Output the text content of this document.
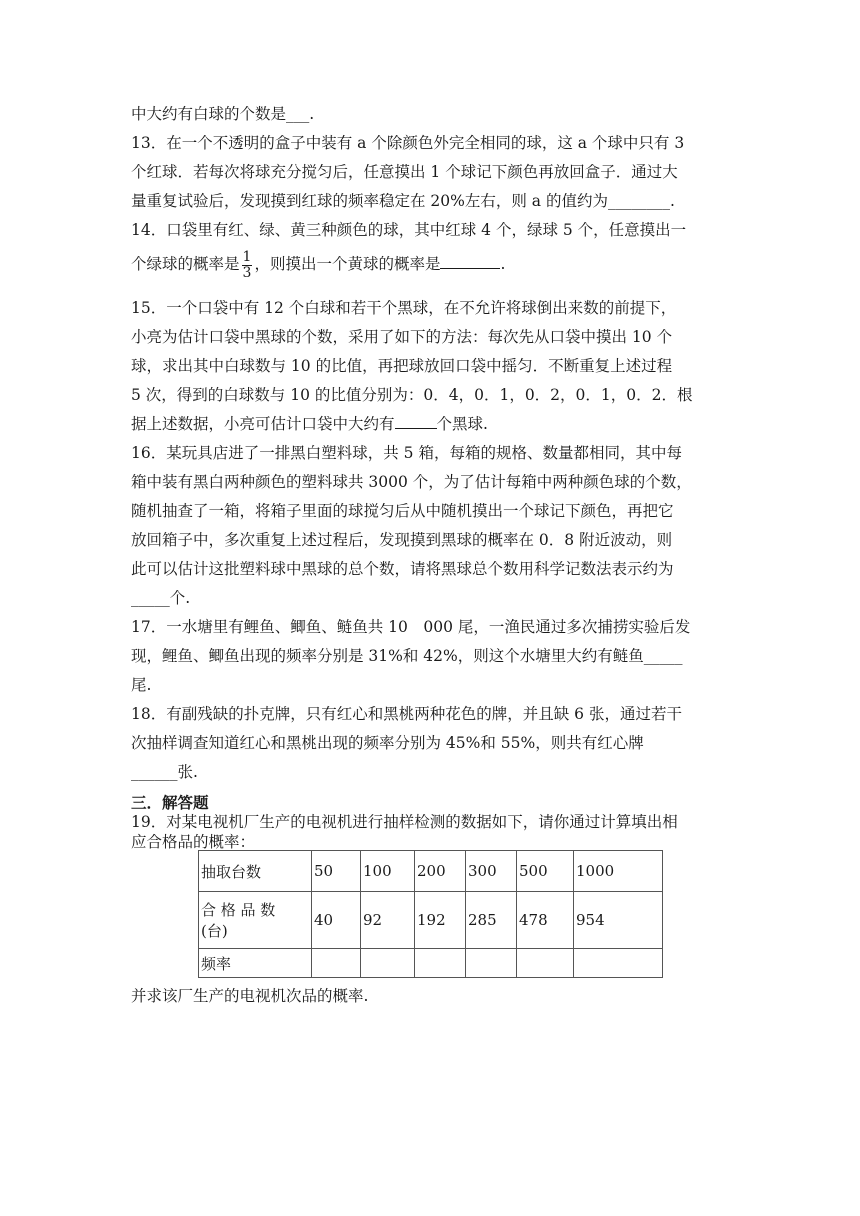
中大约有白球的个数是___.
13．在一个不透明的盒子中装有 a 个除颜色外完全相同的球，这 a 个球中只有 3
个红球．若每次将球充分搅匀后，任意摸出 1 个球记下颜色再放回盒子．通过大
量重复试验后，发现摸到红球的频率稳定在 20%左右，则 a 的值约为________.
14．口袋里有红、绿、黄三种颜色的球，其中红球 4 个，绿球 5 个，任意摸出一
个绿球的概率是 $\frac{1}{3}$ ，则摸出一个黄球的概率是	.
15．一个口袋中有 12 个白球和若干个黑球，在不允许将球倒出来数的前提下，
小亮为估计口袋中黑球的个数，采用了如下的方法：每次先从口袋中摸出 10 个
球，求出其中白球数与 10 的比值，再把球放回口袋中摇匀．不断重复上述过程
5 次，得到的白球数与 10 的比值分别为：0．4，0．1，0．2，0．1，0．2．根
据上述数据，小亮可估计口袋中大约有	个黑球.
16．某玩具店进了一排黑白塑料球，共 5 箱，每箱的规格、数量都相同，其中每
箱中装有黑白两种颜色的塑料球共 3000 个，为了估计每箱中两种颜色球的个数，
随机抽查了一箱，将箱子里面的球搅匀后从中随机摸出一个球记下颜色，再把它
放回箱子中，多次重复上述过程后，发现摸到黑球的概率在 0．8 附近波动，则
此可以估计这批塑料球中黑球的总个数，请将黑球总个数用科学记数法表示约为
_____个.
17．一水塘里有鲤鱼、鲫鱼、鲢鱼共 10　000 尾，一渔民通过多次捕捞实验后发
现，鲤鱼、鲫鱼出现的频率分别是 31%和 42%，则这个水塘里大约有鲢鱼_____
尾.
18．有副残缺的扑克牌，只有红心和黑桃两种花色的牌，并且缺 6 张，通过若干
次抽样调查知道红心和黑桃出现的频率分别为 45%和 55%，则共有红心牌
______张.
三．解答题
19．对某电视机厂生产的电视机进行抽样检测的数据如下，请你通过计算填出相
应合格品的概率：
抽取台数	50	100	200	300	500	1000

合 格 品 数
(台)	40	92	192	285	478	954
频率						
并求该厂生产的电视机次品的概率.
